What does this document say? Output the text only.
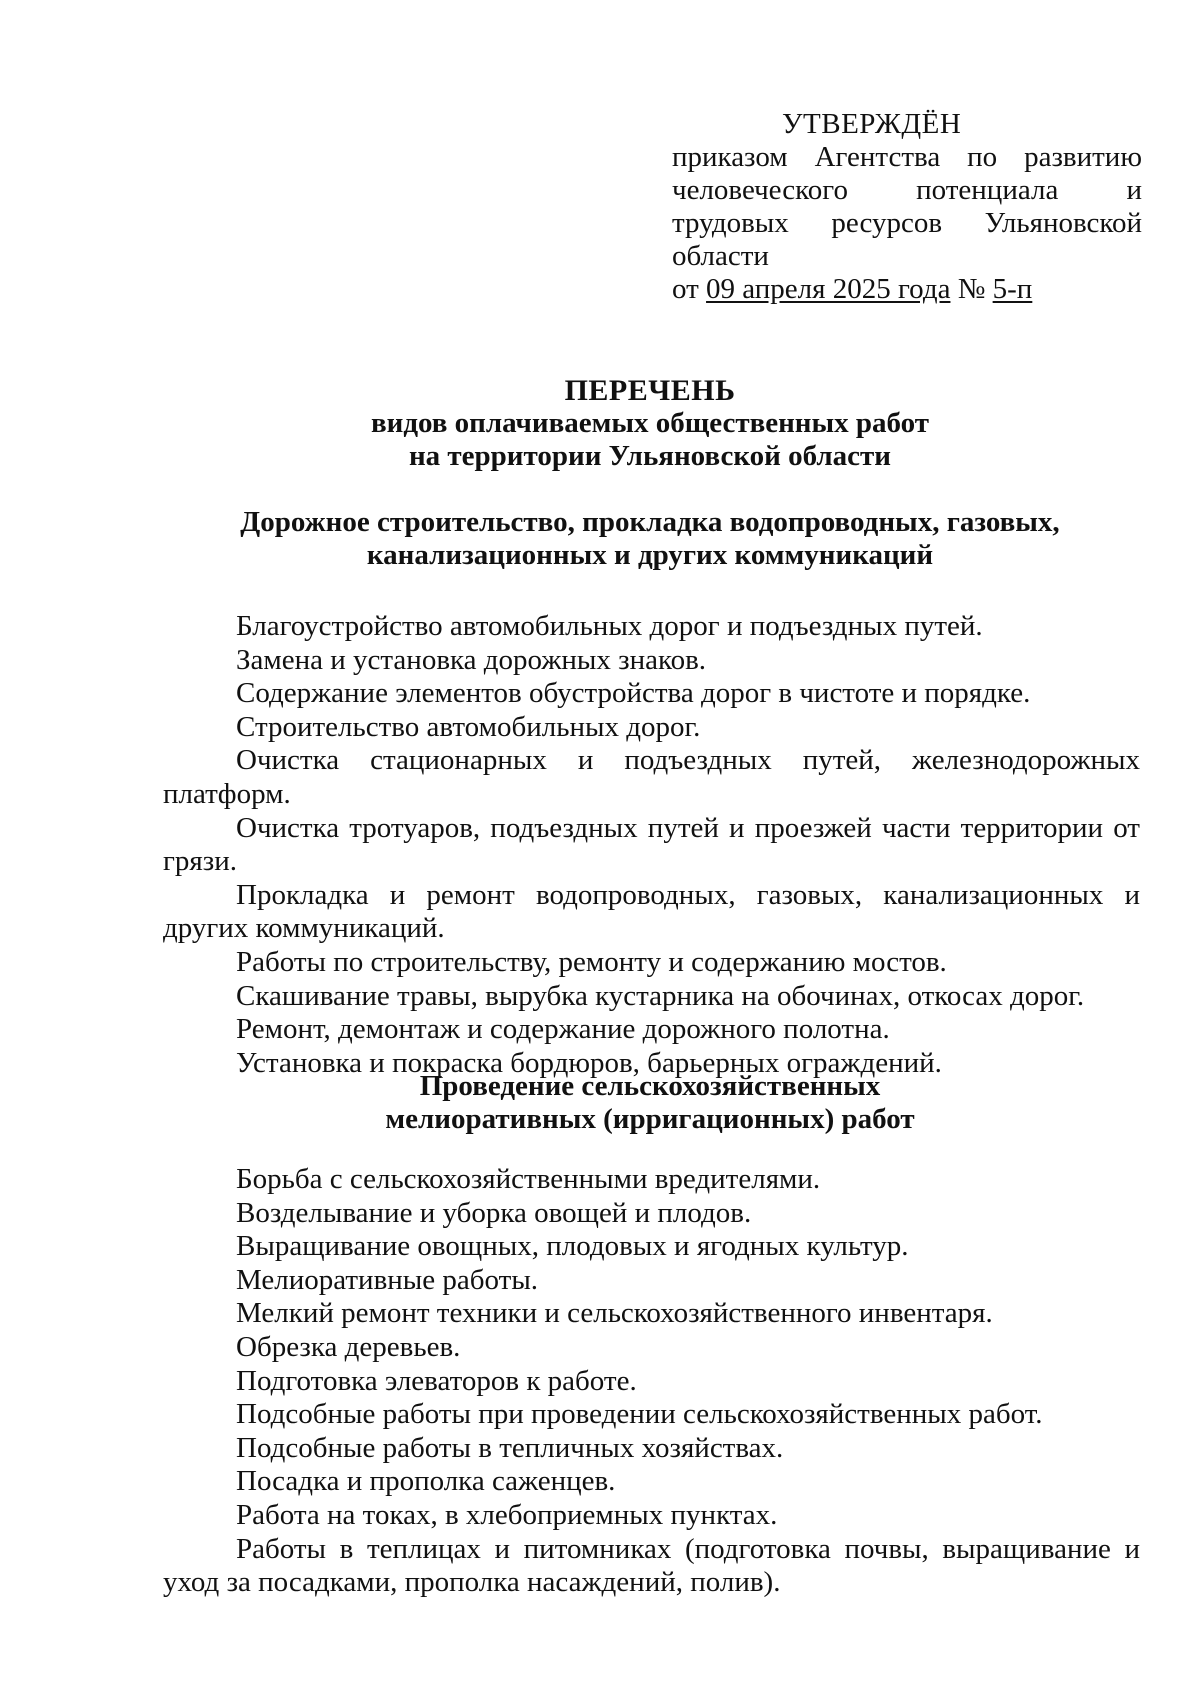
УТВЕРЖДЁН
приказом Агентства по развитию
человеческого потенциала и
трудовых ресурсов Ульяновской
области
от 09 апреля 2025 года № 5-п
ПЕРЕЧЕНЬ
видов оплачиваемых общественных работ
на территории Ульяновской области
Дорожное строительство, прокладка водопроводных, газовых,
канализационных и других коммуникаций
Благоустройство автомобильных дорог и подъездных путей.
Замена и установка дорожных знаков.
Содержание элементов обустройства дорог в чистоте и порядке.
Строительство автомобильных дорог.
Очистка стационарных и подъездных путей, железнодорожных платформ.
Очистка тротуаров, подъездных путей и проезжей части территории от грязи.
Прокладка и ремонт водопроводных, газовых, канализационных и других коммуникаций.
Работы по строительству, ремонту и содержанию мостов.
Скашивание травы, вырубка кустарника на обочинах, откосах дорог.
Ремонт, демонтаж и содержание дорожного полотна.
Установка и покраска бордюров, барьерных ограждений.
Проведение сельскохозяйственных
мелиоративных (ирригационных) работ
Борьба с сельскохозяйственными вредителями.
Возделывание и уборка овощей и плодов.
Выращивание овощных, плодовых и ягодных культур.
Мелиоративные работы.
Мелкий ремонт техники и сельскохозяйственного инвентаря.
Обрезка деревьев.
Подготовка элеваторов к работе.
Подсобные работы при проведении сельскохозяйственных работ.
Подсобные работы в тепличных хозяйствах.
Посадка и прополка саженцев.
Работа на токах, в хлебоприемных пунктах.
Работы в теплицах и питомниках (подготовка почвы, выращивание и уход за посадками, прополка насаждений, полив).
